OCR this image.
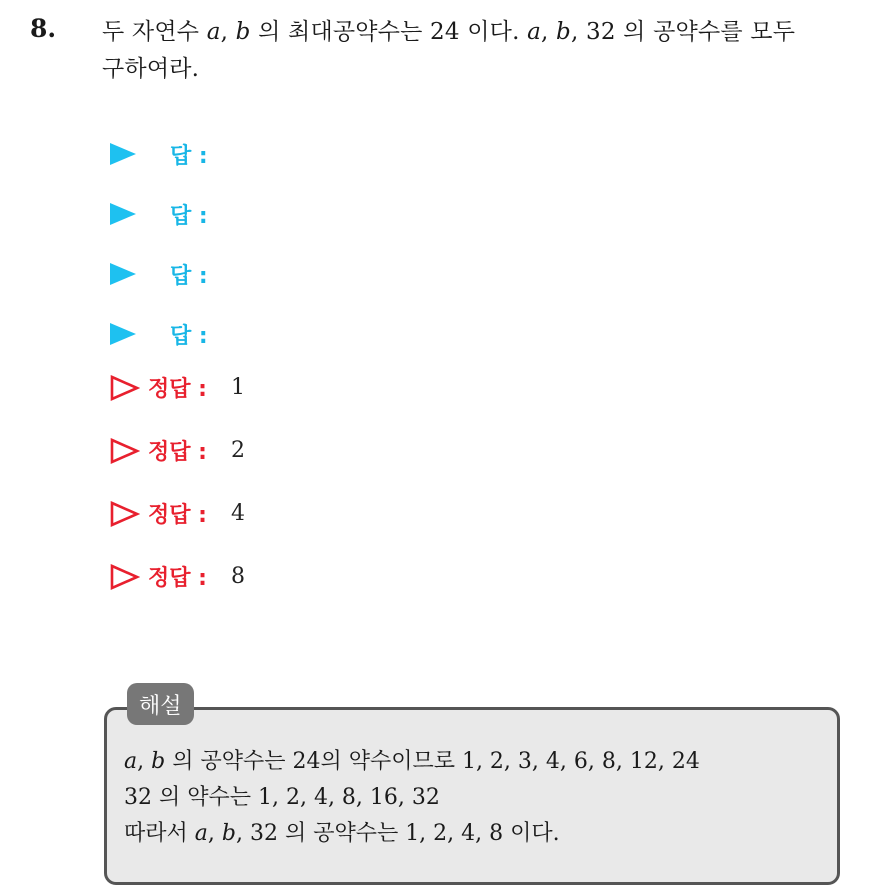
8. 두 자연수 a, b 의 최대공약수는 24 이다. a, b, 32 의 공약수를 모두
구하여라.
답 :
답 :
답 :
답 :
정답 : 1
정답 : 2
정답 : 4
정답 : 8
해설
a, b 의 공약수는 24의 약수이므로 1, 2, 3, 4, 6, 8, 12, 24
32 의 약수는 1, 2, 4, 8, 16, 32
따라서 a, b, 32 의 공약수는 1, 2, 4, 8 이다.
